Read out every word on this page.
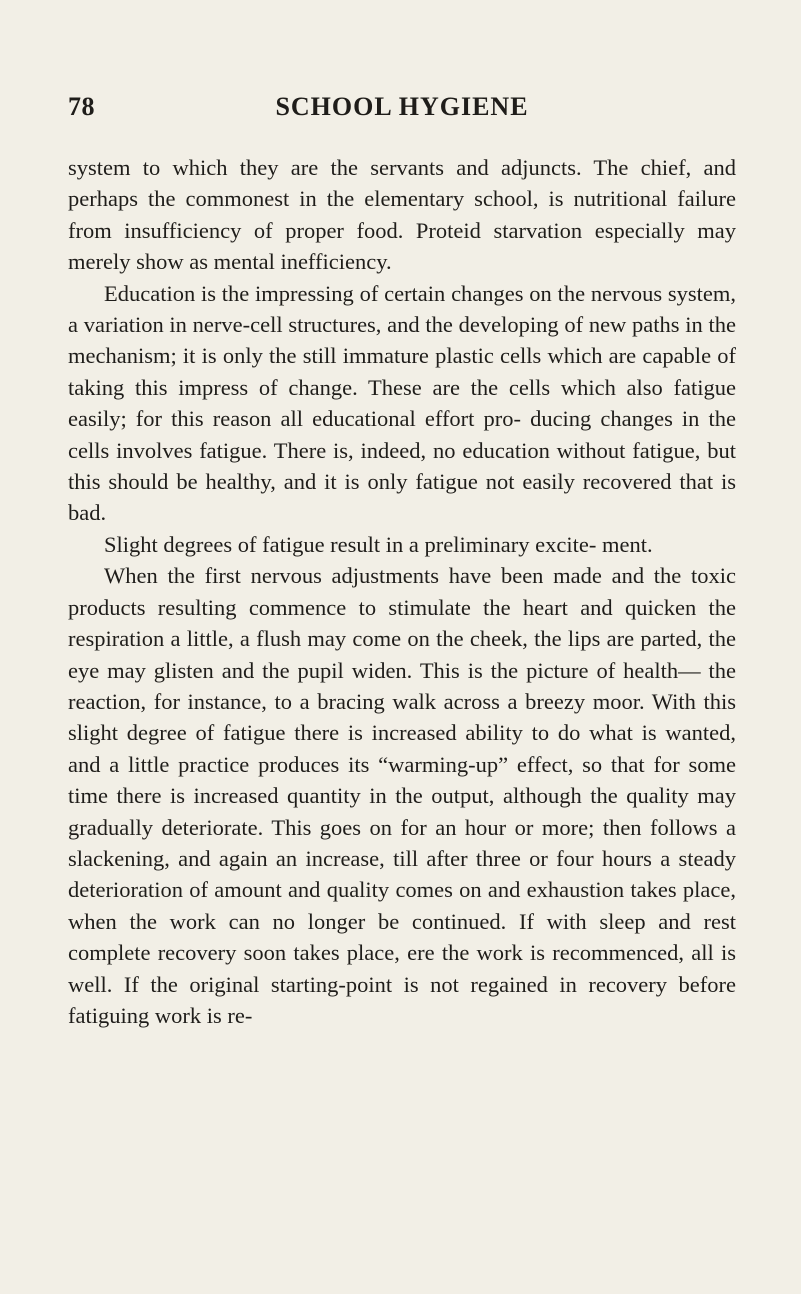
78	SCHOOL HYGIENE

system to which they are the servants and adjuncts. The chief, and perhaps the commonest in the elementary school, is nutritional failure from insufficiency of proper food. Proteid starvation especially may merely show as mental inefficiency.

Education is the impressing of certain changes on the nervous system, a variation in nerve-cell structures, and the developing of new paths in the mechanism; it is only the still immature plastic cells which are capable of taking this impress of change. These are the cells which also fatigue easily; for this reason all educational effort pro- ducing changes in the cells involves fatigue. There is, indeed, no education without fatigue, but this should be healthy, and it is only fatigue not easily recovered that is bad.

Slight degrees of fatigue result in a preliminary excite- ment.

When the first nervous adjustments have been made and the toxic products resulting commence to stimulate the heart and quicken the respiration a little, a flush may come on the cheek, the lips are parted, the eye may glisten and the pupil widen. This is the picture of health— the reaction, for instance, to a bracing walk across a breezy moor. With this slight degree of fatigue there is increased ability to do what is wanted, and a little practice produces its “warming-up” effect, so that for some time there is increased quantity in the output, although the quality may gradually deteriorate. This goes on for an hour or more; then follows a slackening, and again an increase, till after three or four hours a steady deterioration of amount and quality comes on and exhaustion takes place, when the work can no longer be continued. If with sleep and rest complete recovery soon takes place, ere the work is recommenced, all is well. If the original starting-point is not regained in recovery before fatiguing work is re-
